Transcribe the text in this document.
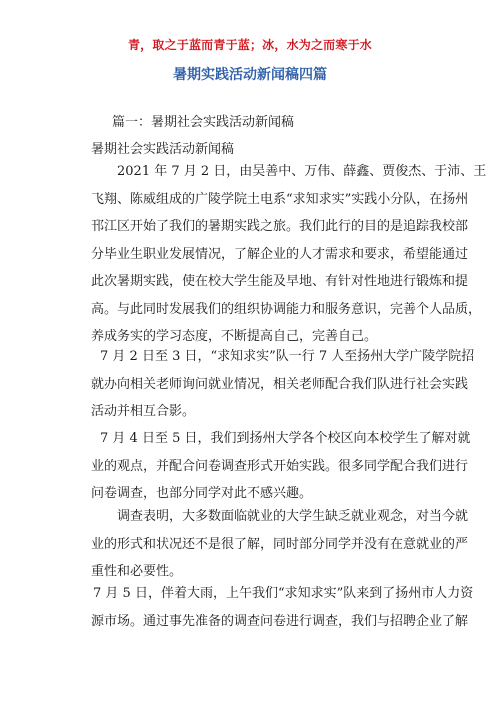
青，取之于蓝而青于蓝；冰，水为之而寒于水
暑期实践活动新闻稿四篇
篇一：暑期社会实践活动新闻稿
暑期社会实践活动新闻稿
2021 年 7 月 2 日，由吴善中、万伟、薛鑫、贾俊杰、于沛、王
飞翔、陈威组成的广陵学院土电系“求知求实”实践小分队，在扬州
邗江区开始了我们的暑期实践之旅。我们此行的目的是追踪我校部
分毕业生职业发展情况，了解企业的人才需求和要求，希望能通过
此次暑期实践，使在校大学生能及早地、有针对性地进行锻炼和提
高。与此同时发展我们的组织协调能力和服务意识，完善个人品质，
养成务实的学习态度，不断提高自己，完善自己。
7 月 2 日至 3 日，“求知求实”队一行 7 人至扬州大学广陵学院招
就办向相关老师询问就业情况，相关老师配合我们队进行社会实践
活动并相互合影。
7 月 4 日至 5 日，我们到扬州大学各个校区向本校学生了解对就
业的观点，并配合问卷调查形式开始实践。很多同学配合我们进行
问卷调查，也部分同学对此不感兴趣。
调查表明，大多数面临就业的大学生缺乏就业观念，对当今就
业的形式和状况还不是很了解，同时部分同学并没有在意就业的严
重性和必要性。
7 月 5 日，伴着大雨，上午我们“求知求实”队来到了扬州市人力资
源市场。通过事先准备的调查问卷进行调查，我们与招聘企业了解
